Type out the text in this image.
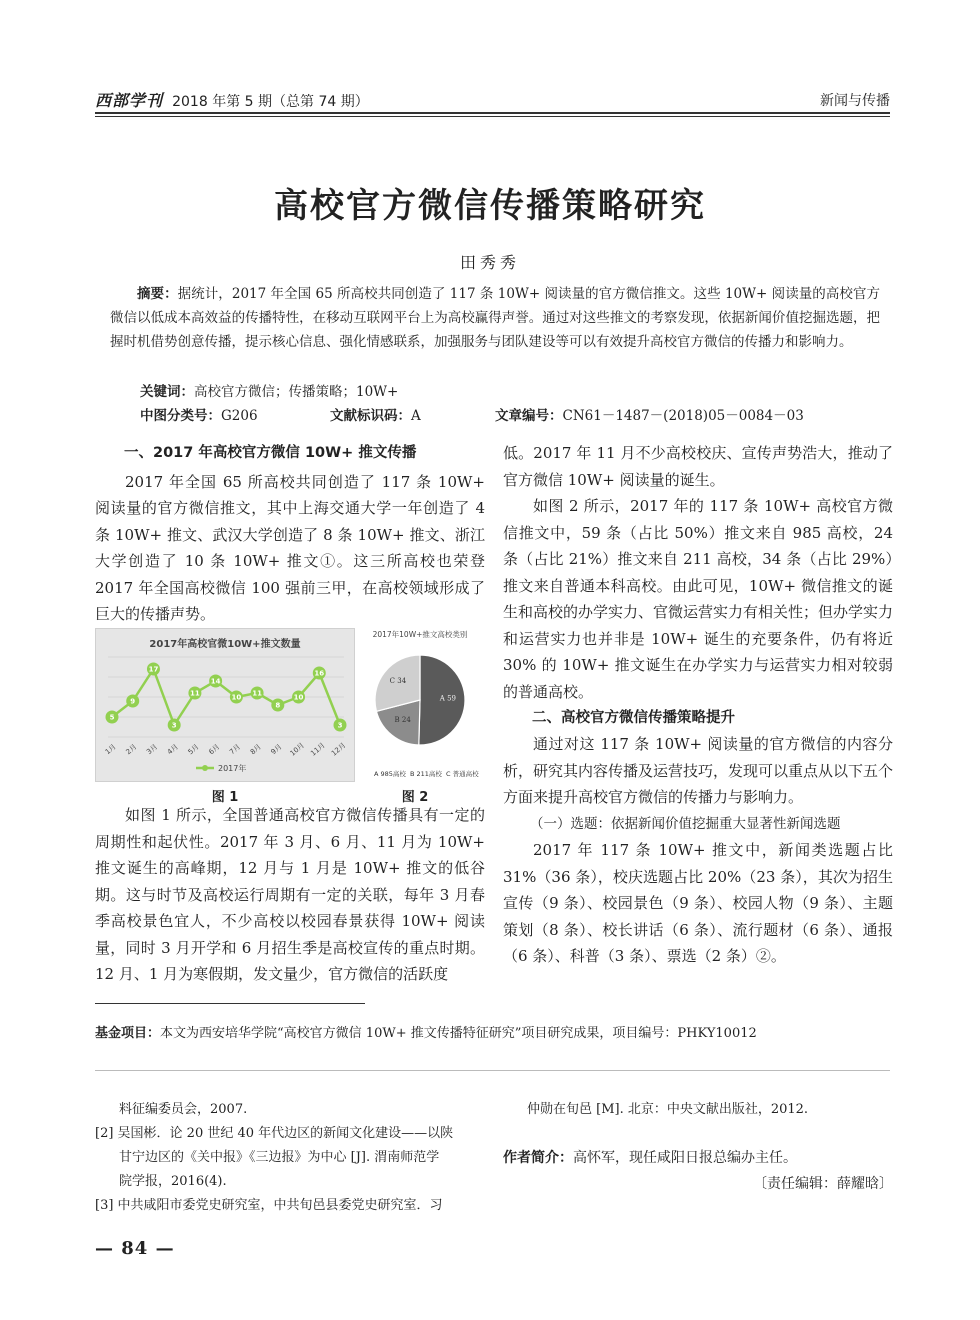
西部学刊 2018 年第 5 期（总第 74 期）	新闻与传播
高校官方微信传播策略研究
田秀秀
摘要：据统计，2017 年全国 65 所高校共同创造了 117 条 10W+ 阅读量的官方微信推文。这些 10W+ 阅读量的高校官方微信以低成本高效益的传播特性，在移动互联网平台上为高校赢得声誉。通过对这些推文的考察发现，依据新闻价值挖掘选题，把握时机借势创意传播，提示核心信息、强化情感联系，加强服务与团队建设等可以有效提升高校官方微信的传播力和影响力。
关键词：高校官方微信；传播策略；10W+
中图分类号：G206	文献标识码：A	文章编号：CN61－1487－(2018)05－0084－03
一、2017 年高校官方微信 10W+ 推文传播

2017 年全国 65 所高校共同创造了 117 条 10W+ 阅读量的官方微信推文，其中上海交通大学一年创造了 4 条 10W+ 推文、武汉大学创造了 8 条 10W+ 推文、浙江大学创造了 10 条 10W+ 推文①。这三所高校也荣登 2017 年全国高校微信 100 强前三甲，在高校领域形成了巨大的传播声势。

2017年高校官微10W+推文数量
5
9
17
3
11
14
10 11
8
10
16
3
1月 2月 3月 4月 5月 6月 7月 8月 9月 10月 11月 12月
2017年
图 1
2017年10W+推文高校类别
A 59
B 24
C 34
A 985高校 B 211高校 C 普通高校
图 2

如图 1 所示，全国普通高校官方微信传播具有一定的周期性和起伏性。2017 年 3 月、6 月、11 月为 10W+ 推文诞生的高峰期，12 月与 1 月是 10W+ 推文的低谷期。这与时节及高校运行周期有一定的关联，每年 3 月春季高校景色宜人，不少高校以校园春景获得 10W+ 阅读量，同时 3 月开学和 6 月招生季是高校宣传的重点时期。12 月、1 月为寒假期，发文量少，官方微信的活跃度

低。2017 年 11 月不少高校校庆、宣传声势浩大，推动了官方微信 10W+ 阅读量的诞生。

如图 2 所示，2017 年的 117 条 10W+ 高校官方微信推文中，59 条（占比 50%）推文来自 985 高校，24 条（占比 21%）推文来自 211 高校，34 条（占比 29%）推文来自普通本科高校。由此可见，10W+ 微信推文的诞生和高校的办学实力、官微运营实力有相关性；但办学实力和运营实力也并非是 10W+ 诞生的充要条件，仍有将近 30% 的 10W+ 推文诞生在办学实力与运营实力相对较弱的普通高校。

二、高校官方微信传播策略提升

通过对这 117 条 10W+ 阅读量的官方微信的内容分析，研究其内容传播及运营技巧，发现可以重点从以下五个方面来提升高校官方微信的传播力与影响力。

（一）选题：依据新闻价值挖掘重大显著性新闻选题

2017 年 117 条 10W+ 推文中，新闻类选题占比 31%（36 条），校庆选题占比 20%（23 条），其次为招生宣传（9 条）、校园景色（9 条）、校园人物（9 条）、主题策划（8 条）、校长讲话（6 条）、流行题材（6 条）、通报（6 条）、科普（3 条）、票选（2 条）②。

基金项目：本文为西安培华学院“高校官方微信 10W+ 推文传播特征研究”项目研究成果，项目编号：PHKY10012
料征编委员会，2007.
[2] 吴国彬．论 20 世纪 40 年代边区的新闻文化建设——以陕
甘宁边区的《关中报》《三边报》为中心 [J]. 渭南师范学
院学报，2016(4).
[3] 中共咸阳市委党史研究室，中共旬邑县委党史研究室．习
仲勋在旬邑 [M]. 北京：中央文献出版社，2012.
作者简介：高怀军，现任咸阳日报总编办主任。
〔责任编辑：薛耀晗〕
— 84 —
